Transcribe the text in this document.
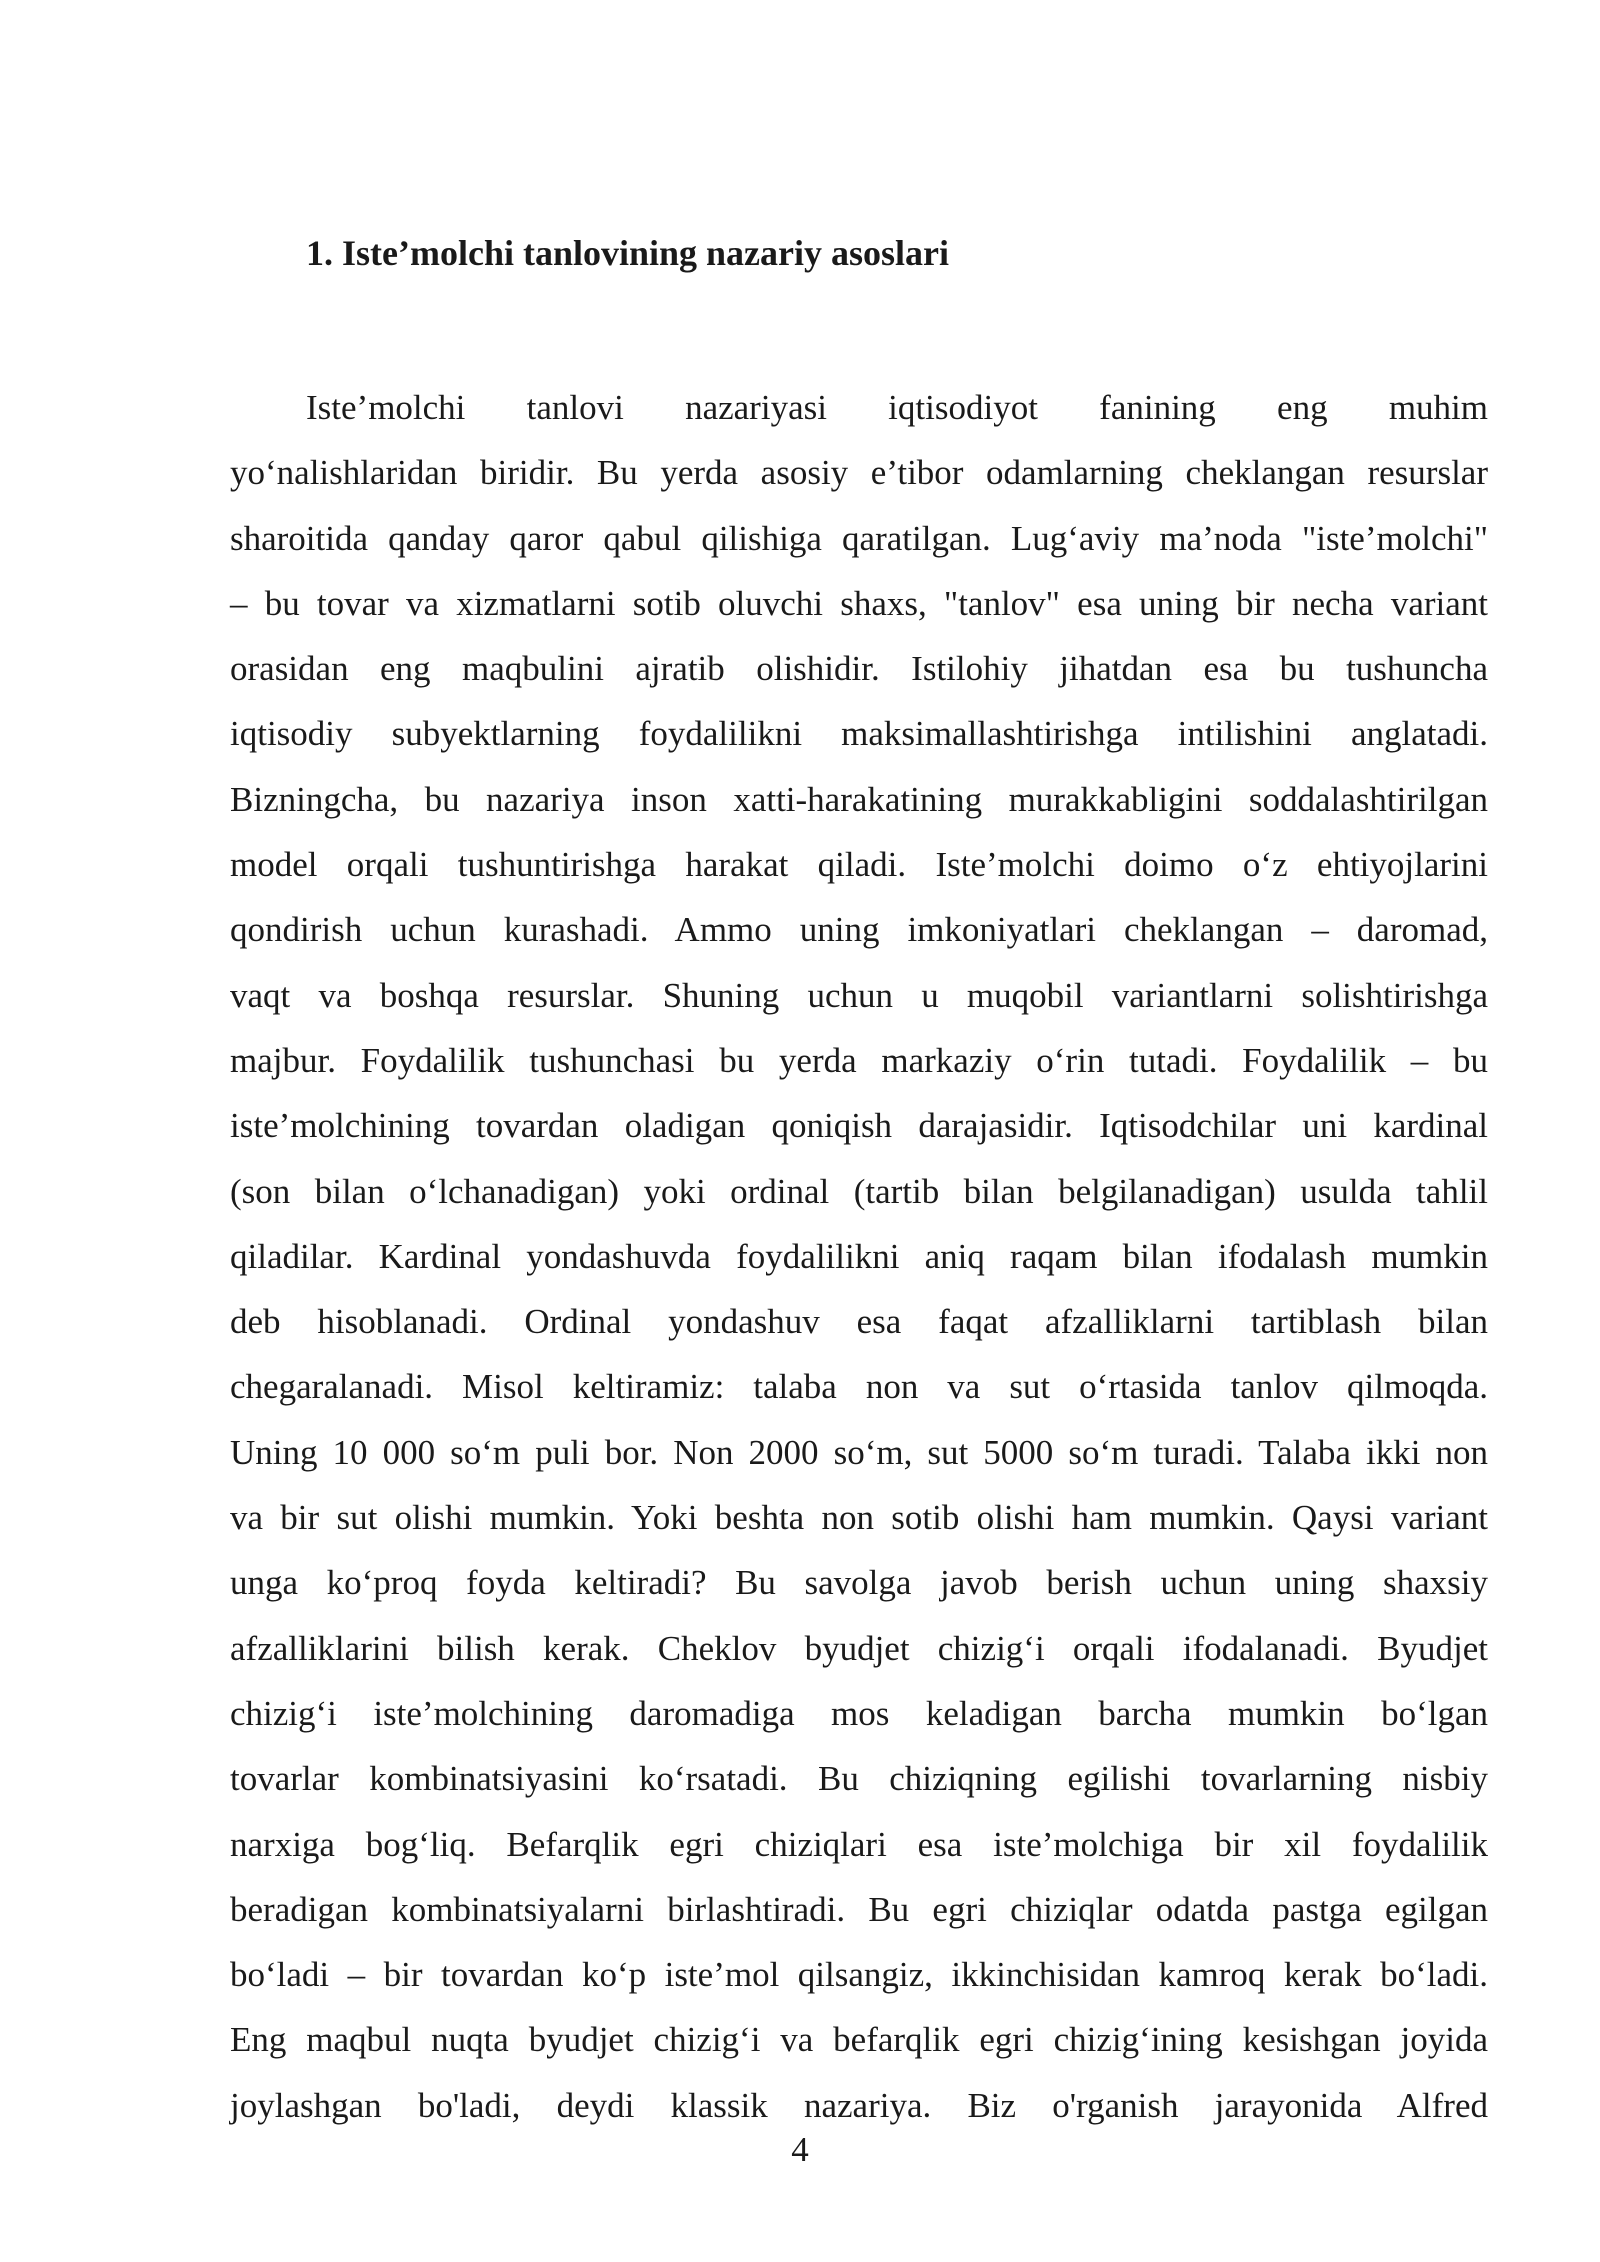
1. Iste’molchi tanlovining nazariy asoslari
Iste’molchi tanlovi nazariyasi iqtisodiyot fanining eng muhim
yo‘nalishlaridan biridir. Bu yerda asosiy e’tibor odamlarning cheklangan resurslar
sharoitida qanday qaror qabul qilishiga qaratilgan. Lug‘aviy ma’noda "iste’molchi"
– bu tovar va xizmatlarni sotib oluvchi shaxs, "tanlov" esa uning bir necha variant
orasidan eng maqbulini ajratib olishidir. Istilohiy jihatdan esa bu tushuncha
iqtisodiy subyektlarning foydalilikni maksimallashtirishga intilishini anglatadi.
Bizningcha, bu nazariya inson xatti-harakatining murakkabligini soddalashtirilgan
model orqali tushuntirishga harakat qiladi. Iste’molchi doimo o‘z ehtiyojlarini
qondirish uchun kurashadi. Ammo uning imkoniyatlari cheklangan – daromad,
vaqt va boshqa resurslar. Shuning uchun u muqobil variantlarni solishtirishga
majbur. Foydalilik tushunchasi bu yerda markaziy o‘rin tutadi. Foydalilik – bu
iste’molchining tovardan oladigan qoniqish darajasidir. Iqtisodchilar uni kardinal
(son bilan o‘lchanadigan) yoki ordinal (tartib bilan belgilanadigan) usulda tahlil
qiladilar. Kardinal yondashuvda foydalilikni aniq raqam bilan ifodalash mumkin
deb hisoblanadi. Ordinal yondashuv esa faqat afzalliklarni tartiblash bilan
chegaralanadi. Misol keltiramiz: talaba non va sut o‘rtasida tanlov qilmoqda.
Uning 10 000 so‘m puli bor. Non 2000 so‘m, sut 5000 so‘m turadi. Talaba ikki non
va bir sut olishi mumkin. Yoki beshta non sotib olishi ham mumkin. Qaysi variant
unga ko‘proq foyda keltiradi? Bu savolga javob berish uchun uning shaxsiy
afzalliklarini bilish kerak. Cheklov byudjet chizig‘i orqali ifodalanadi. Byudjet
chizig‘i iste’molchining daromadiga mos keladigan barcha mumkin bo‘lgan
tovarlar kombinatsiyasini ko‘rsatadi. Bu chiziqning egilishi tovarlarning nisbiy
narxiga bog‘liq. Befarqlik egri chiziqlari esa iste’molchiga bir xil foydalilik
beradigan kombinatsiyalarni birlashtiradi. Bu egri chiziqlar odatda pastga egilgan
bo‘ladi – bir tovardan ko‘p iste’mol qilsangiz, ikkinchisidan kamroq kerak bo‘ladi.
Eng maqbul nuqta byudjet chizig‘i va befarqlik egri chizig‘ining kesishgan joyida
joylashgan bo'ladi, deydi klassik nazariya. Biz o'rganish jarayonida Alfred
4
